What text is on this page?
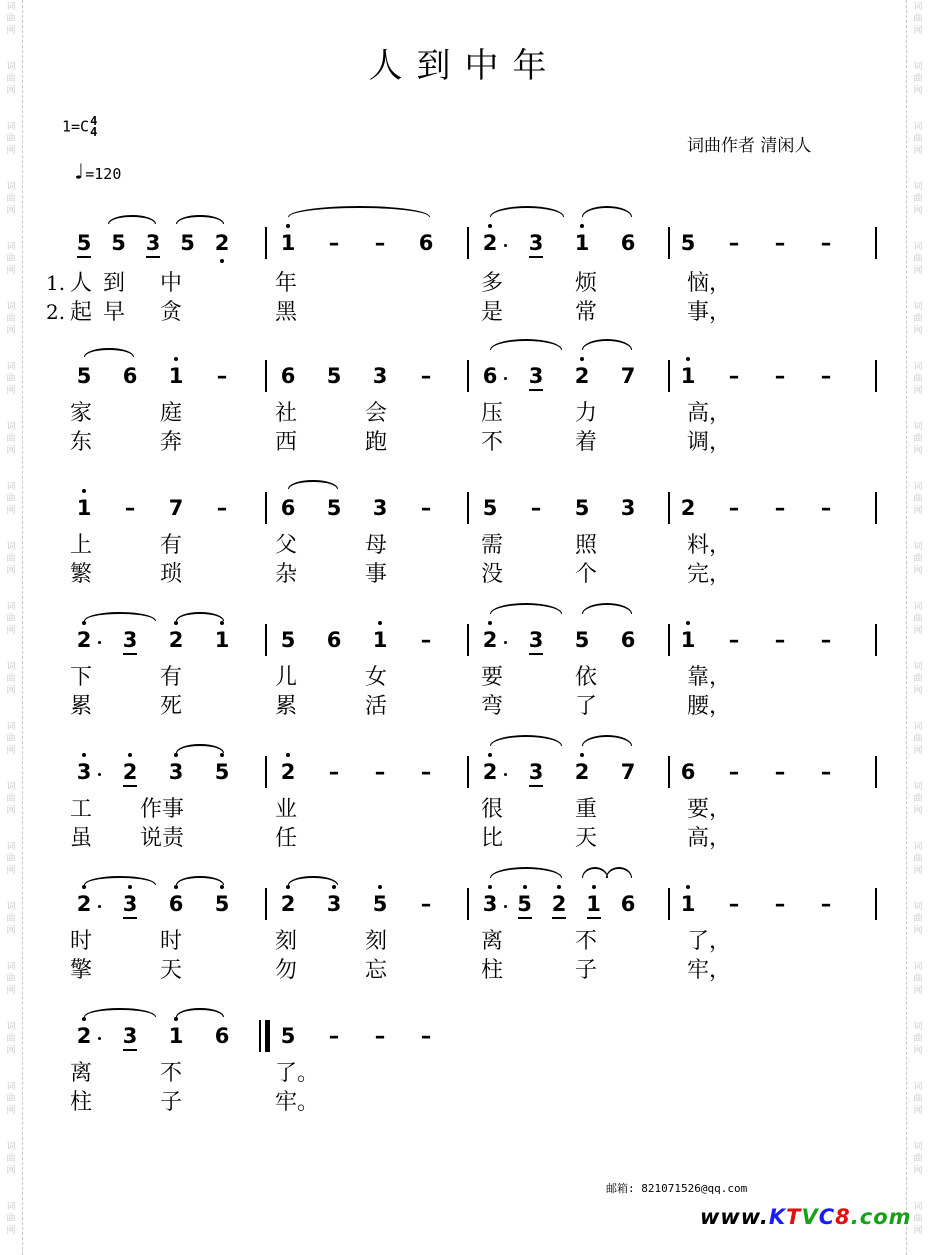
词
曲
网
词
曲
网
词
曲
网
词
曲
网
词
曲
网
词
曲
网
词
曲
网
词
曲
网
词
曲
网
词
曲
网
词
曲
网
词
曲
网
词
曲
网
词
曲
网
词
曲
网
词
曲
网
词
曲
网
词
曲
网
词
曲
网
词
曲
网
词
曲
网
词
曲
网
词
曲
网
词
曲
网
词
曲
网
词
曲
网
词
曲
网
词
曲
网
词
曲
网
词
曲
网
词
曲
网
词
曲
网
词
曲
网
词
曲
网
词
曲
网
词
曲
网
词
曲
网
词
曲
网
词
曲
网
词
曲
网
词
曲
网
词
曲
网
人到中年
1=C4
4
♩=120
词曲作者 清闲人
5 5 3 5 2 1	–	–	6 2 3 1 6 5	–	–	–
人 到	中	年	多	烦	恼，
起 早	贪	黑	是	常	事，
1.
2.
5 6 1	–	6 5 3	–	6 3 2 7 1	–	–	–
家	庭	社	会	压	力	高，
东	奔	西	跑	不	着	调，
1	–	7	–	6 5 3	–	5	–	5 3 2	–	–	–
上	有	父	母	需	照	料，
繁	琐	杂	事	没	个	完，
2 3 2 1 5 6 1	–	2 3 5 6 1	–	–	–
下	有	儿	女	要	依	靠，
累	死	累	活	弯	了	腰，
3 2 3 5 2	–	–	–	2 3 2 7 6	–	–	–
工	作事	业	很	重	要，
虽	说责	任	比	天	高，
2 3 6 5 2 3 5	–	3 5 2 1 6 1	–	–	–
时	时	刻	刻	离	不	了，
擎	天	勿	忘	柱	子	牢，
2 3 1 6 5	–	–	–
离	不	了。
柱	子	牢。
邮箱: 821071526@qq.com
www.KTVC8.com
